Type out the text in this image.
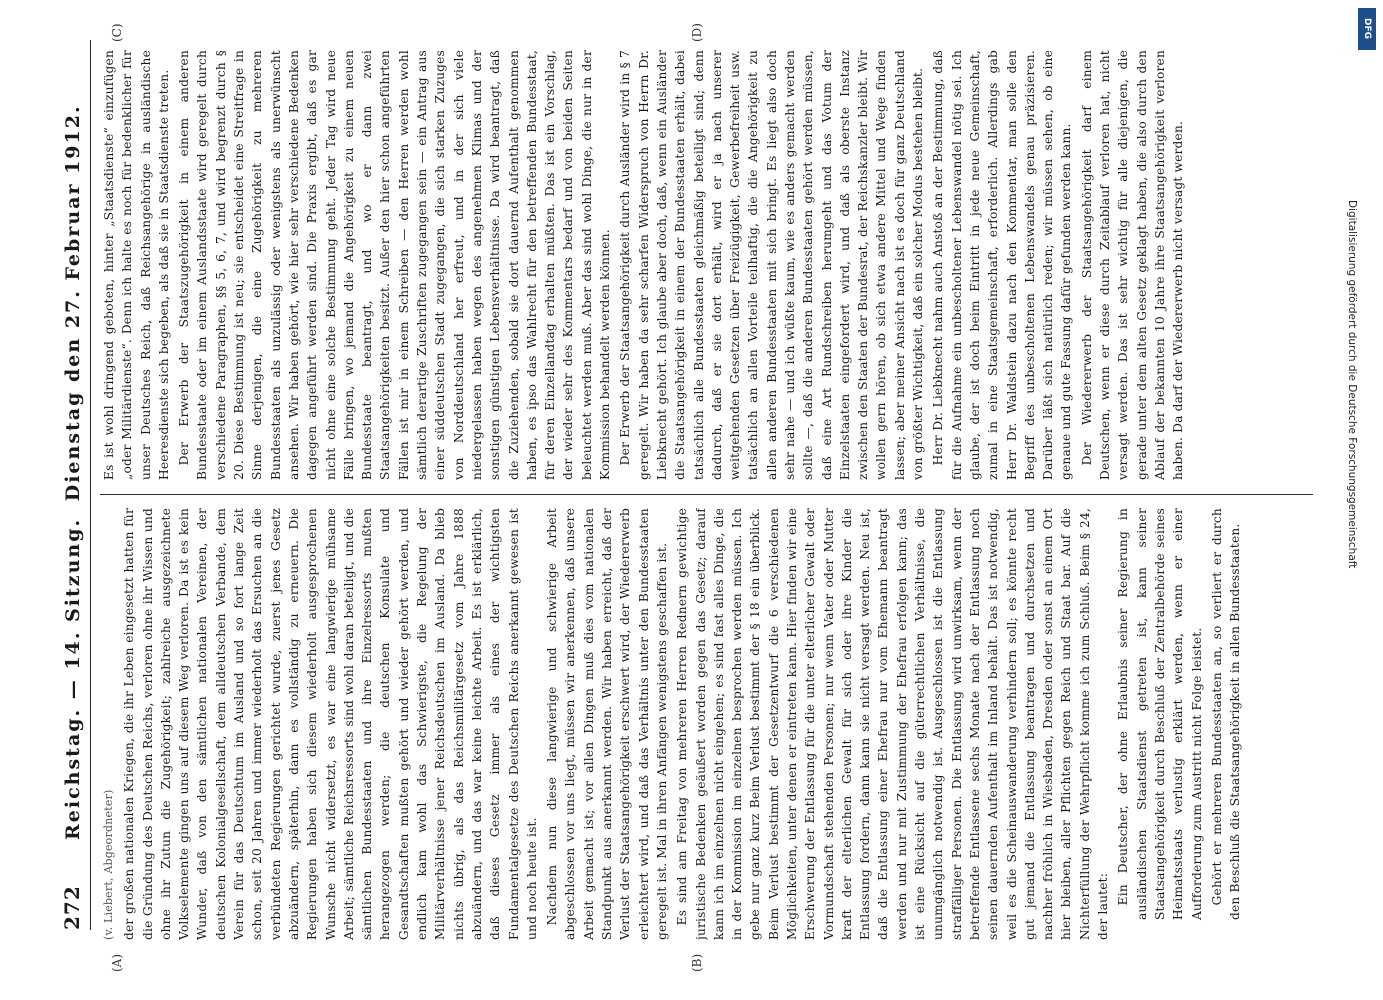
272
Reichstag. — 14. Sitzung. Dienstag den 27. Februar 1912.
(A)	(B)
(C)	(D)
(v. Liebert, Abgeordneter) der großen nationalen Kriegen, die ihr Leben eingesetzt hatten für die Gründung des Deutschen Reichs, verloren ohne ihr Wissen und ohne ihr Zutun die Zugehörigkeit; zahlreiche ausgezeichnete Volkselemente gingen uns auf diesem Weg verloren. Da ist es kein Wunder, daß von den sämtlichen nationalen Vereinen, der deutschen Kolonialgesellschaft, dem alldeutschen Verbande, dem Verein für das Deutschtum im Ausland und so fort lange Zeit schon, seit 20 Jahren und immer wiederholt das Ersuchen an die verbündeten Regierungen gerichtet wurde, zuerst jenes Gesetz abzuändern, späterhin, dann es vollständig zu erneuern. Die Regierungen haben sich diesem wiederholt ausgesprochenen Wunsche nicht widersetzt, es war eine langwierige mühsame Arbeit; sämtliche Reichsressorts sind wohl daran beteiligt, und die sämtlichen Bundesstaaten und ihre Einzelressorts mußten herangezogen werden; die deutschen Konsulate und Gesandtschaften mußten gehört und wieder gehört werden, und endlich kam wohl das Schwierigste, die Regelung der Militärverhältnisse jener Reichsdeutschen im Ausland. Da blieb nichts übrig, als das Reichsmilitärgesetz vom Jahre 1888 abzuändern, und das war keine leichte Arbeit. Es ist erklärlich, daß dieses Gesetz immer als eines der wichtigsten Fundamentalgesetze des Deutschen Reichs anerkannt gewesen ist und noch heute ist. Nachdem nun diese langwierige und schwierige Arbeit abgeschlossen vor uns liegt, müssen wir anerkennen, daß unsere Arbeit gemacht ist; vor allen Dingen muß dies vom nationalen Standpunkt aus anerkannt werden. Wir haben erreicht, daß der Verlust der Staatsangehörigkeit erschwert wird, der Wiedererwerb erleichtert wird, und daß das Verhältnis unter den Bundesstaaten geregelt ist. Mal in ihren Anfängen wenigstens geschaffen ist. Es sind am Freitag von mehreren Herren Rednern gewichtige juristische Bedenken geäußert worden gegen das Gesetz; darauf kann ich im einzelnen nicht eingehen; es sind fast alles Dinge, die in der Kommission im einzelnen besprochen werden müssen. Ich gebe nur ganz kurz Beim Verlust bestimmt der § 18 ein überblick. Beim Verlust bestimmt der Gesetzentwurf die 6 verschiedenen Möglichkeiten, unter denen er eintreten kann. Hier finden wir eine Erschwerung der Entlassung für die unter elterlicher Gewalt oder Vormundschaft stehenden Personen; nur wenn Vater oder Mutter kraft der elterlichen Gewalt für sich oder ihre Kinder die Entlassung fordern, dann kann sie nicht versagt werden. Neu ist, daß die Entlassung einer Ehefrau nur vom Ehemann beantragt werden und nur mit Zustimmung der Ehefrau erfolgen kann; das ist eine Rücksicht auf die güterrechtlichen Verhältnisse, die unumgänglich notwendig ist. Ausgeschlossen ist die Entlassung straffälliger Personen. Die Entlassung wird unwirksam, wenn der betreffende Entlassene sechs Monate nach der Entlassung noch seinen dauernden Aufenthalt im Inland behält. Das ist notwendig, weil es die Scheinauswanderung verhindern soll; es könnte recht gut jemand die Entlassung beantragen und durchsetzen und nachher fröhlich in Wiesbaden, Dresden oder sonst an einem Ort hier bleiben, aller Pflichten gegen Reich und Staat bar. Auf die Nichterfüllung der Wehrpflicht komme ich zum Schluß. Beim § 24, der lautet:

Ein Deutscher, der ohne Erlaubnis seiner Regierung in ausländischen Staatsdienst getreten ist, kann seiner Staatsangehörigkeit durch Beschluß der Zentralbehörde seines Heimatsstaats verlustig erklärt werden, wenn er einer Aufforderung zum Austritt nicht Folge leistet. Gehört er mehreren Bundesstaaten an, so verliert er durch den Beschluß die Staatsangehörigkeit in allen Bundesstaaten.

Es ist wohl dringend geboten, hinter „Staatsdienste“ einzufügen „oder Militärdienste“. Denn ich halte es noch für bedenklicher für unser Deutsches Reich, daß Reichsangehörige in ausländische Heeresdienste sich begeben, als daß sie in Staatsdienste treten. Der Erwerb der Staatszugehörigkeit in einem anderen Bundesstaate oder im einem Auslandsstaate wird geregelt durch verschiedene Paragraphen, §§ 5, 6, 7, und wird begrenzt durch § 20. Diese Bestimmung ist neu; sie entscheidet eine Streitfrage in Sinne derjenigen, die eine Zugehörigkeit zu mehreren Bundesstaaten als unzulässig oder wenigstens als unerwünscht ansehen. Wir haben gehört, wie hier sehr verschiedene Bedenken dagegen angeführt werden sind. Die Praxis ergibt, daß es gar nicht ohne eine solche Bestimmung geht. Jeder Tag wird neue Fälle bringen, wo jemand die Angehörigkeit zu einem neuen Bundesstaate beantragt, und wo er dann zwei Staatsangehörigkeiten besitzt. Außer den hier schon angeführten Fällen ist mir in einem Schreiben — den Herren werden wohl sämtlich derartige Zuschriften zugegangen sein — ein Antrag aus einer süddeutschen Stadt zugegangen, die sich starken Zuzuges von Norddeutschland her erfreut, und in der sich viele niedergelassen haben wegen des angenehmen Klimas und der sonstigen günstigen Lebensverhältnisse. Da wird beantragt, daß die Zuziehenden, sobald sie dort dauernd Aufenthalt genommen haben, es ipso das Wahlrecht für den betreffenden Bundesstaat, für deren Einzellandtag erhalten müßten. Das ist ein Vorschlag, der wieder sehr des Kommentars bedarf und von beiden Seiten beleuchtet werden muß. Aber das sind wohl Dinge, die nur in der Kommission behandelt werden können. Der Erwerb der Staatsangehörigkeit durch Ausländer wird in § 7 geregelt. Wir haben da sehr scharfen Widerspruch von Herrn Dr. Liebknecht gehört. Ich glaube aber doch, daß, wenn ein Ausländer die Staatsangehörigkeit in einem der Bundesstaaten erhält, dabei tatsächlich alle Bundesstaaten gleichmäßig beteiligt sind; denn dadurch, daß er sie dort erhält, wird er ja nach unserer weitgehenden Gesetzen über Freizügigkeit, Gewerbefreiheit usw. tatsächlich an allen Vorteile teilhaftig, die die Angehörigkeit zu allen anderen Bundesstaaten mit sich bringt. Es liegt also doch sehr nahe — und ich wüßte kaum, wie es anders gemacht werden sollte —, daß die anderen Bundesstaaten gehört werden müssen, daß eine Art Rundschreiben herumgeht und das Votum der Einzelstaaten eingefordert wird, und daß als oberste Instanz zwischen den Staaten der Bundesrat, der Reichskanzler bleibt. Wir wollen gern hören, ob sich etwa andere Mittel und Wege finden lassen; aber meiner Ansicht nach ist es doch für ganz Deutschland von größter Wichtigkeit, daß ein solcher Modus bestehen bleibt. Herr Dr. Liebknecht nahm auch Anstoß an der Bestimmung, daß für die Aufnahme ein unbescholtener Lebenswandel nötig sei. Ich glaube, der ist doch beim Eintritt in jede neue Gemeinschaft, zumal in eine Staatsgemeinschaft, erforderlich. Allerdings gab Herr Dr. Waldstein dazu nach den Kommentar, man solle den Begriff des unbescholtenen Lebenswandels genau präzisieren. Darüber läßt sich natürlich reden; wir müssen sehen, ob eine genaue und gute Fassung dafür gefunden werden kann. Der Wiedererwerb der Staatsangehörigkeit darf einem Deutschen, wenn er diese durch Zeitablauf verloren hat, nicht versagt werden. Das ist sehr wichtig für alle diejenigen, die gerade unter dem alten Gesetz geklagt haben, die also durch den Ablauf der bekannten 10 Jahre ihre Staatsangehörigkeit verloren haben. Da darf der Wiedererwerb nicht versagt werden.

DFG
Digitalisierung gefördert durch die Deutsche Forschungsgemeinschaft
